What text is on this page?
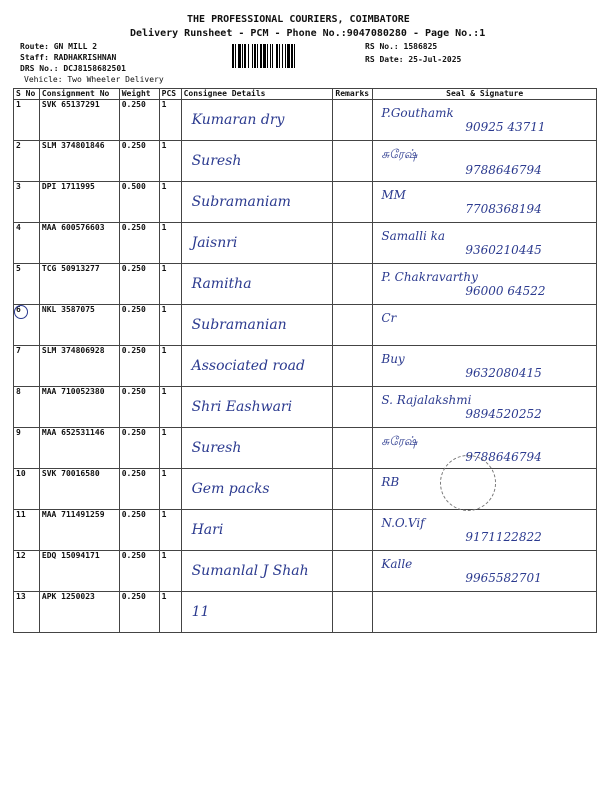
THE PROFESSIONAL COURIERS, COIMBATORE
Delivery Runsheet - PCM - Phone No.:9047080280 - Page No.:1
Route: GN MILL 2
Staff: RADHAKRISHNAN
DRS No.: DCJ8158682501
Vehicle: Two Wheeler Delivery
RS No.: 1586825
RS Date: 25-Jul-2025
S No	Consignment No	Weight	PCS	Consignee Details	Remarks	Seal & Signature
1	SVK 65137291	0.250	1	Kumaran dry		P.Gouthamk
90925 43711

2	SLM 374801846	0.250	1	Suresh		சுரேஷ்
9788646794

3	DPI 1711995	0.500	1	Subramaniam		MM
7708368194

4	MAA 600576603	0.250	1	Jaisnri		Samalli ka
9360210445

5	TCG 50913277	0.250	1	Ramitha		P. Chakravarthy
96000 64522

6	NKL 3587075	0.250	1	Subramanian		Cr

7	SLM 374806928	0.250	1	Associated road		Buy
9632080415

8	MAA 710052380	0.250	1	Shri Eashwari		S. Rajalakshmi
9894520252

9	MAA 652531146	0.250	1	Suresh		சுரேஷ்
9788646794

10	SVK 70016580	0.250	1	Gem packs		RB

11	MAA 711491259	0.250	1	Hari		N.O.Vif
9171122822

12	EDQ 15094171	0.250	1	Sumanlal J Shah		Kalle
9965582701

13	APK 1250023	0.250	1	11		
